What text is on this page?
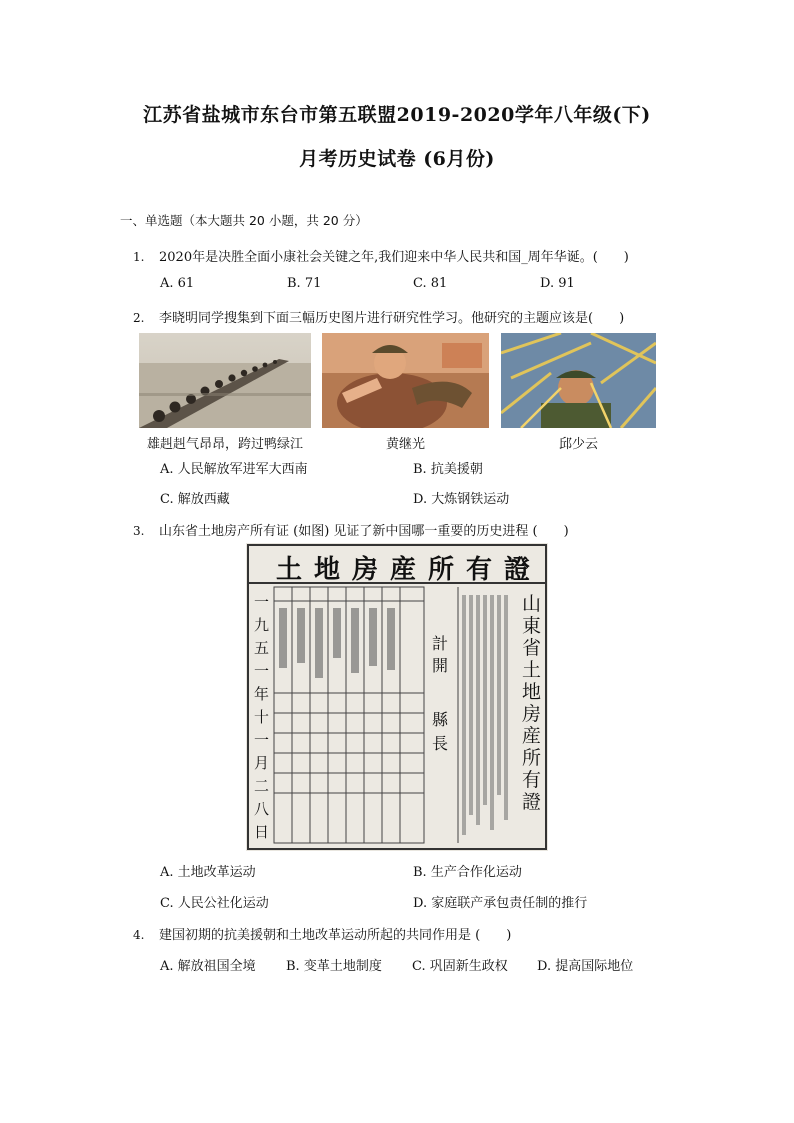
江苏省盐城市东台市第五联盟2019-2020学年八年级(下)
月考历史试卷 (6月份)
一、单选题（本大题共 20 小题，共 20 分）
1. 2020年是决胜全面小康社会关键之年,我们迎来中华人民共和国_周年华诞。(　　)
A. 61	B. 71	C. 81	D. 91
2. 李晓明同学搜集到下面三幅历史图片进行研究性学习。他研究的主题应该是(　　)
雄赳赳气昂昂，跨过鸭绿江	黄继光	邱少云
A. 人民解放军进军大西南	B. 抗美援朝
C. 解放西藏	D. 大炼钢铁运动
3. 山东省土地房产所有证 (如图) 见证了新中国哪一重要的历史进程 (　　)
土地房産所有證
一九五一年十一月二八日
計開
縣長
山東省土地房産所有證
A. 土地改革运动	B. 生产合作化运动
C. 人民公社化运动	D. 家庭联产承包责任制的推行
4. 建国初期的抗美援朝和土地改革运动所起的共同作用是 (　　)
A. 解放祖国全境 B. 变革土地制度 C. 巩固新生政权 D. 提高国际地位
